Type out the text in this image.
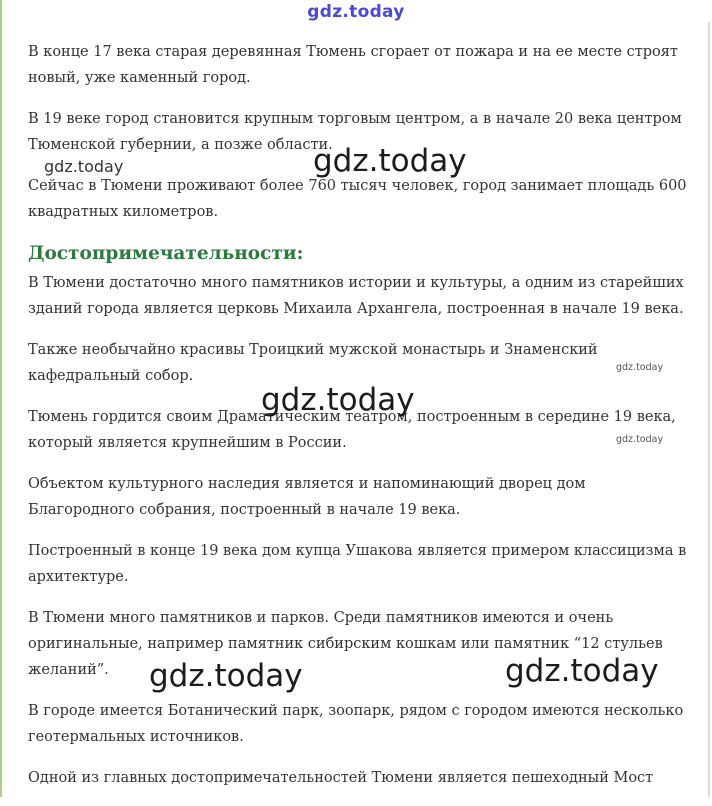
gdz.today

В конце 17 века старая деревянная Тюмень сгорает от пожара и на ее месте строят новый, уже каменный город.

В 19 веке город становится крупным торговым центром, а в начале 20 века центром Тюменской губернии, а позже области.

Сейчас в Тюмени проживают более 760 тысяч человек, город занимает площадь 600 квадратных километров.

Достопримечательности:

В Тюмени достаточно много памятников истории и культуры, а одним из старейших зданий города является церковь Михаила Архангела, построенная в начале 19 века.

Также необычайно красивы Троицкий мужской монастырь и Знаменский кафедральный собор.

Тюмень гордится своим Драматическим театром, построенным в середине 19 века, который является крупнейшим в России.

Объектом культурного наследия является и напоминающий дворец дом Благородного собрания, построенный в начале 19 века.

Построенный в конце 19 века дом купца Ушакова является примером классицизма в архитектуре.

В Тюмени много памятников и парков. Среди памятников имеются и очень оригинальные, например памятник сибирским кошкам или памятник “12 стульев желаний”.

В городе имеется Ботанический парк, зоопарк, рядом с городом имеются несколько геотермальных источников.

Одной из главных достопримечательностей Тюмени является пешеходный Мост

gdz.today	gdz.today
gdz.today
gdz.today
gdz.today
gdz.today	gdz.today
